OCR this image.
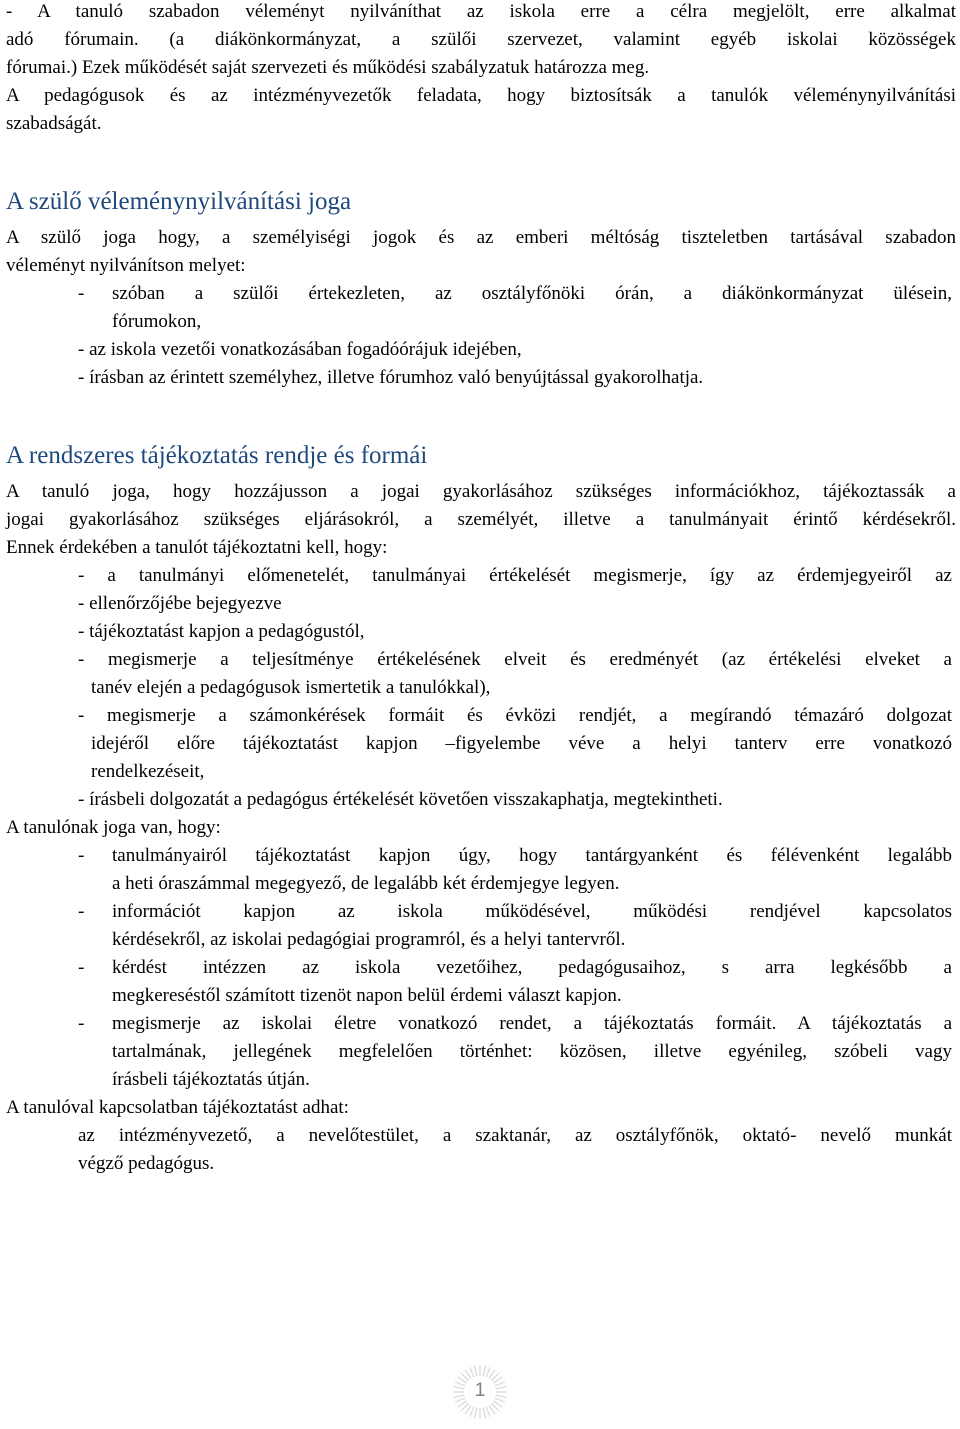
- A tanuló szabadon véleményt nyilváníthat az iskola erre a célra megjelölt, erre alkalmat
adó fórumain. (a diákönkormányzat, a szülői szervezet, valamint egyéb iskolai közösségek
fórumai.) Ezek működését saját szervezeti és működési szabályzatuk határozza meg.
A pedagógusok és az intézményvezetők feladata, hogy biztosítsák a tanulók véleménynyilvánítási
szabadságát.
A szülő véleménynyilvánítási joga
A szülő joga hogy, a személyiségi jogok és az emberi méltóság tiszteletben tartásával szabadon
véleményt nyilvánítson melyet:
- szóban a szülői értekezleten, az osztályfőnöki órán, a diákönkormányzat ülésein,
fórumokon,
- az iskola vezetői vonatkozásában fogadóórájuk idejében,
- írásban az érintett személyhez, illetve fórumhoz való benyújtással gyakorolhatja.
A rendszeres tájékoztatás rendje és formái
A tanuló joga, hogy hozzájusson a jogai gyakorlásához szükséges információkhoz, tájékoztassák a
jogai gyakorlásához szükséges eljárásokról, a személyét, illetve a tanulmányait érintő kérdésekről.
Ennek érdekében a tanulót tájékoztatni kell, hogy:
- a tanulmányi előmenetelét, tanulmányai értékelését megismerje, így az érdemjegyeiről az
- ellenőrzőjébe bejegyezve
- tájékoztatást kapjon a pedagógustól,
- megismerje a teljesítménye értékelésének elveit és eredményét (az értékelési elveket a
tanév elején a pedagógusok ismertetik a tanulókkal),
- megismerje a számonkérések formáit és évközi rendjét, a megírandó témazáró dolgozat
idejéről előre tájékoztatást kapjon –figyelembe véve a helyi tanterv erre vonatkozó
rendelkezéseit,
- írásbeli dolgozatát a pedagógus értékelését követően visszakaphatja, megtekintheti.
A tanulónak joga van, hogy:
- tanulmányairól tájékoztatást kapjon úgy, hogy tantárgyanként és félévenként legalább
a heti óraszámmal megegyező, de legalább két érdemjegye legyen.
- információt kapjon az iskola működésével, működési rendjével kapcsolatos
kérdésekről, az iskolai pedagógiai programról, és a helyi tantervről.
- kérdést intézzen az iskola vezetőihez, pedagógusaihoz, s arra legkésőbb a
megkereséstől számított tizenöt napon belül érdemi választ kapjon.
- megismerje az iskolai életre vonatkozó rendet, a tájékoztatás formáit. A tájékoztatás a
tartalmának, jellegének megfelelően történhet: közösen, illetve egyénileg, szóbeli vagy
írásbeli tájékoztatás útján.
A tanulóval kapcsolatban tájékoztatást adhat:
az intézményvezető, a nevelőtestület, a szaktanár, az osztályfőnök, oktató- nevelő munkát
végző pedagógus.
1
